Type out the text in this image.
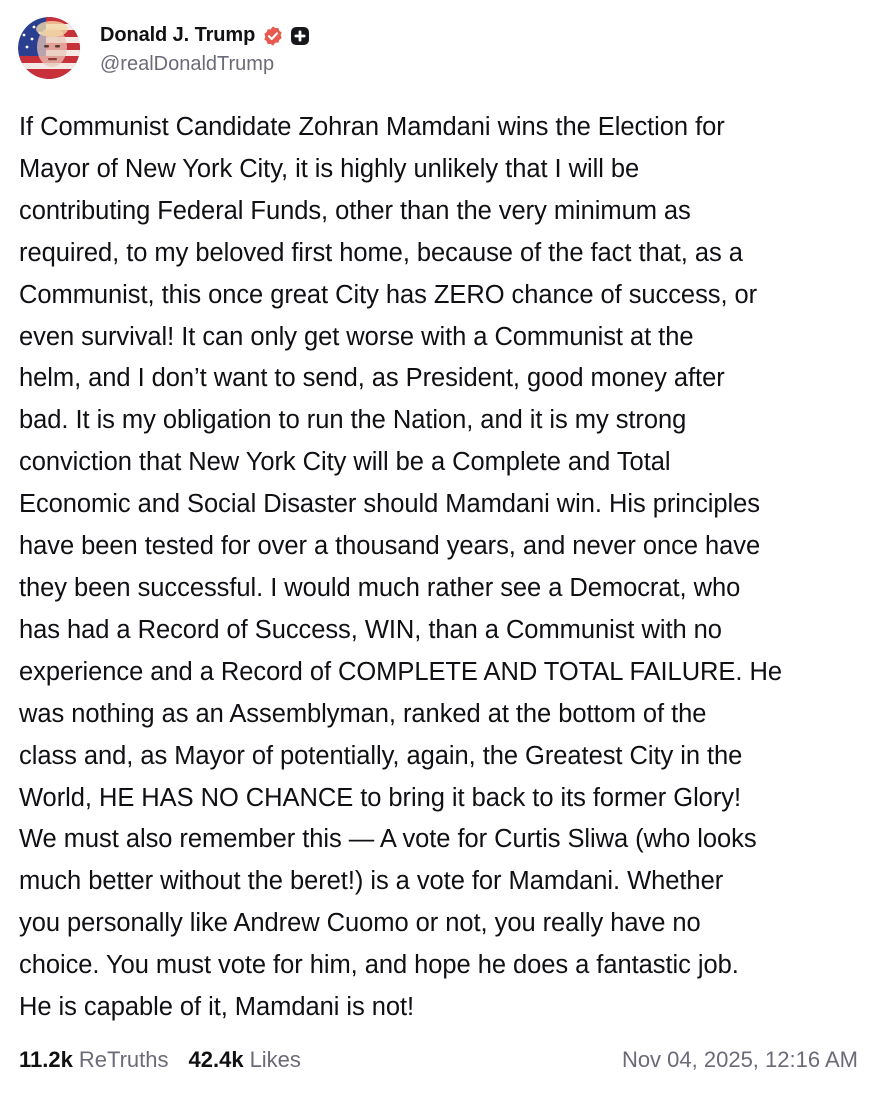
Donald J. Trump
@realDonaldTrump
If Communist Candidate Zohran Mamdani wins the Election for
Mayor of New York City, it is highly unlikely that I will be
contributing Federal Funds, other than the very minimum as
required, to my beloved first home, because of the fact that, as a
Communist, this once great City has ZERO chance of success, or
even survival! It can only get worse with a Communist at the
helm, and I don’t want to send, as President, good money after
bad. It is my obligation to run the Nation, and it is my strong
conviction that New York City will be a Complete and Total
Economic and Social Disaster should Mamdani win. His principles
have been tested for over a thousand years, and never once have
they been successful. I would much rather see a Democrat, who
has had a Record of Success, WIN, than a Communist with no
experience and a Record of COMPLETE AND TOTAL FAILURE. He
was nothing as an Assemblyman, ranked at the bottom of the
class and, as Mayor of potentially, again, the Greatest City in the
World, HE HAS NO CHANCE to bring it back to its former Glory!
We must also remember this — A vote for Curtis Sliwa (who looks
much better without the beret!) is a vote for Mamdani. Whether
you personally like Andrew Cuomo or not, you really have no
choice. You must vote for him, and hope he does a fantastic job.
He is capable of it, Mamdani is not!
11.2k ReTruths 42.4k Likes	Nov 04, 2025, 12:16 AM
